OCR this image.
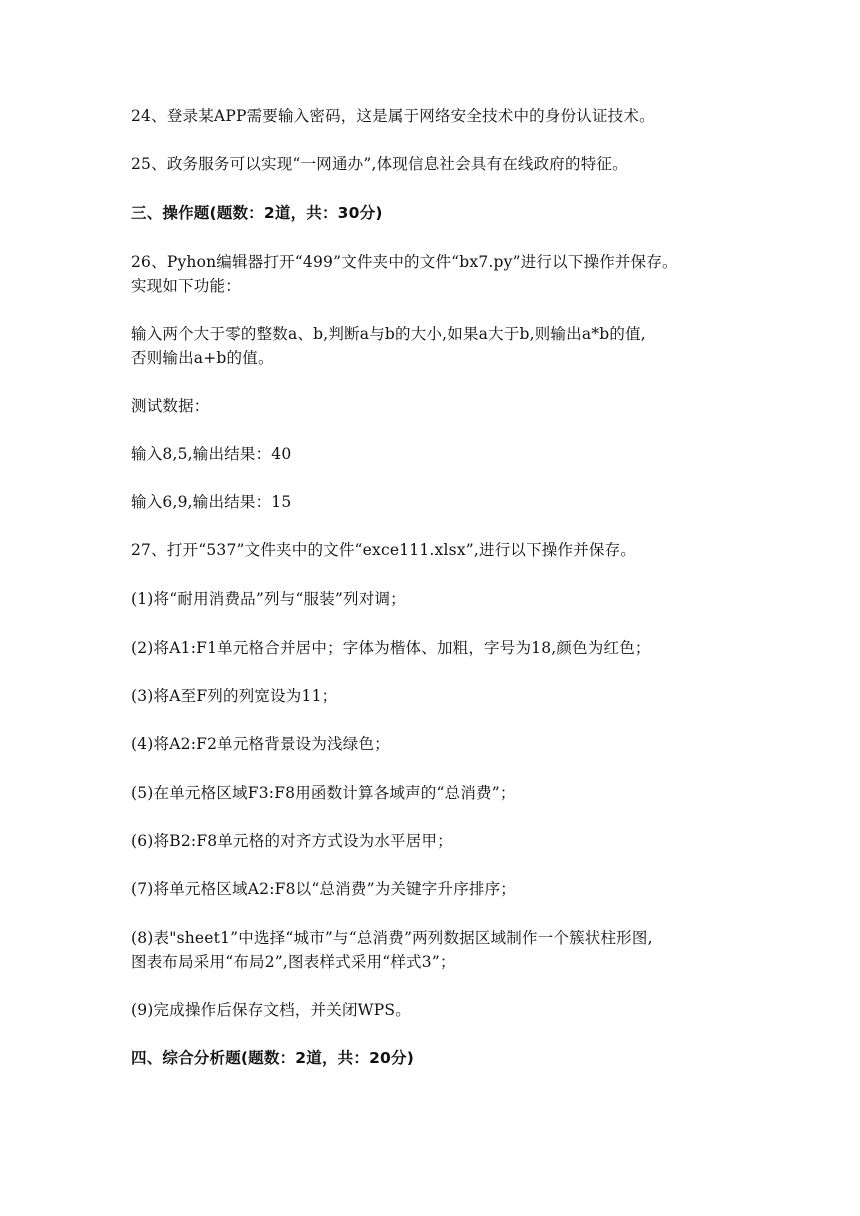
24、登录某APP需要输入密码，这是属于网络安全技术中的身份认证技术。
25、政务服务可以实现“一网通办”,体现信息社会具有在线政府的特征。
三、操作题(题数：2道，共：30分)
26、Pyhon编辑器打开“499”文件夹中的文件“bx7.py”进行以下操作并保存。
实现如下功能：
输入两个大于零的整数a、b,判断a与b的大小,如果a大于b,则输出a*b的值,
否则输出a+b的值。
测试数据：
输入8,5,输出结果：40
输入6,9,输出结果：15
27、打开“537”文件夹中的文件“exce111.xlsx”,进行以下操作并保存。
(1)将“耐用消费品”列与“服装”列对调；
(2)将A1:F1单元格合并居中；字体为楷体、加粗，字号为18,颜色为红色；
(3)将A至F列的列宽设为11；
(4)将A2:F2单元格背景设为浅绿色；
(5)在单元格区域F3:F8用函数计算各域声的“总消费”；
(6)将B2:F8单元格的对齐方式设为水平居甲；
(7)将单元格区域A2:F8以“总消费”为关键字升序排序；
(8)表"sheet1”中选择“城市”与“总消费”两列数据区域制作一个簇状柱形图,
图表布局采用“布局2”,图表样式采用“样式3”；
(9)完成操作后保存文档，并关闭WPS。
四、综合分析题(题数：2道，共：20分)
